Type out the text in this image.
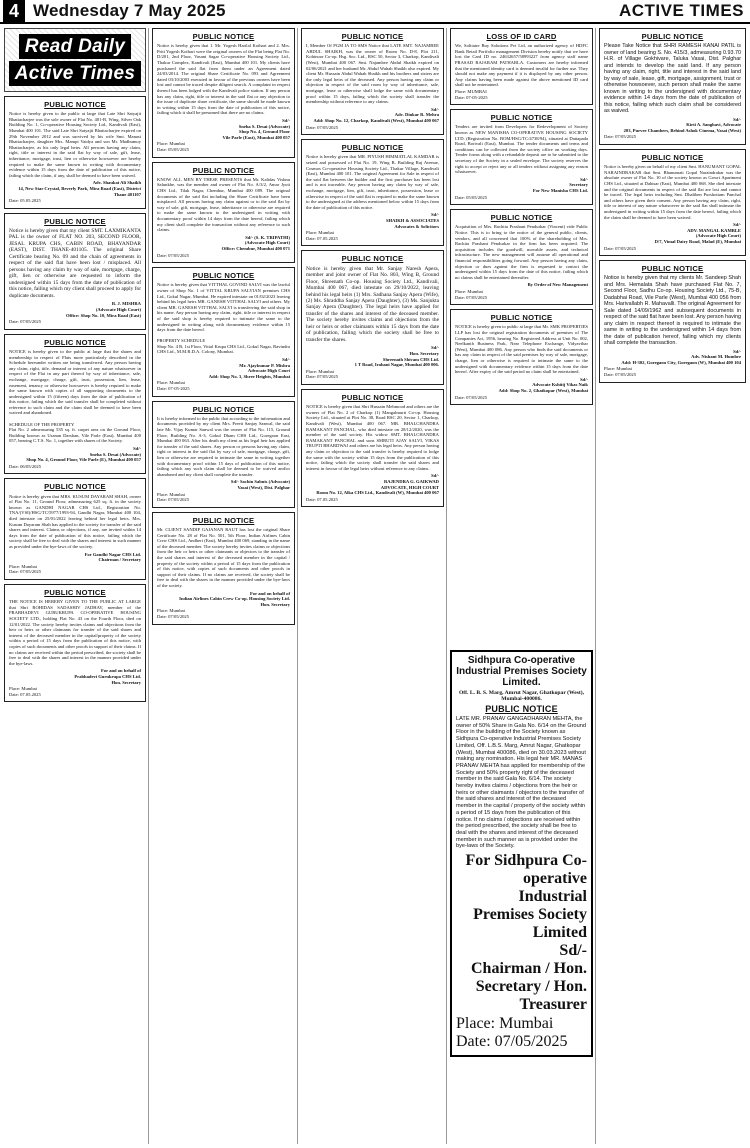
4 Wednesday 7 May 2025	ACTIVE TIMES
Read Daily
Active Times
PUBLIC NOTICE
Notice is hereby given to the public at large that Late Shri Satyajit Bhattacharjee was the sole owner of Flat No. 401-B, Wing, Silver Oak Building No. 1, Co-operative Housing Society Ltd., Kandivali (East), Mumbai 400 101. The said Late Shri Satyajit Bhattacharjee expired on 29th November 2012 and was survived by his wife Smt. Manasi Bhattacharjee, daughter Mrs. Mampi Vaidya and son Mr. Madhumoy Bhattacharjee, as his only legal heirs. All persons having any claim, right, title or interest in the said flat by way of sale, gift, lease, inheritance, mortgage, trust, lien or otherwise howsoever are hereby required to make the same known in writing with documentary evidence within 15 days from the date of publication of this notice, failing which the claim, if any, shall be deemed to have been waived.
Adv. Shaukat Ali Shaikh
14, New Star Crystal, Beverly Park, Mira Road (East), District Thane 401107
Date: 05.05.2025
PUBLIC NOTICE
Notice is hereby given that my client SMT. LAXMIKANTA PAL is the owner of FLAT NO. 203, SECOND FLOOR, JESAL KRUPA CHS, CABIN ROAD, BHAYANDAR (EAST), DIST. THANE-401105. The original Share Certificate bearing No. 09 and the chain of agreements in respect of the said flat have been lost / misplaced. All persons having any claim by way of sale, mortgage, charge, gift, lien or otherwise are requested to inform the undersigned within 15 days from the date of publication of this notice, failing which my client shall proceed to apply for duplicate documents.
R. J. MISHRA
(Advocate High Court)
Office: Shop No. 10, Mira Road (East)
Date: 07/05/2025
PUBLIC NOTICE
NOTICE is hereby given to the public at large that the shares and membership in respect of Flats more particularly described in the Schedule hereunder written are being transferred. Any person having any claim, right, title, demand or interest of any nature whatsoever in respect of the Flat in any part thereof by way of inheritance, sale, exchange, mortgage, charge, gift, trust, possession, lien, lease, easement, tenancy or otherwise howsoever is hereby required to make the same known with copies of all supporting documents to the undersigned within 15 (fifteen) days from the date of publication of this notice, failing which the said transfer shall be completed without reference to such claim and the claim shall be deemed to have been waived and abandoned.

SCHEDULE OF THE PROPERTY
Flat No. 2 admeasuring 535 sq. ft. carpet area on the Ground Floor, Building known as Usanan Darshan, Vile Parle (East), Mumbai 400 057, bearing C.T.S. No. 1, together with shares of the Society.
Sd/-
Sneha S. Desai (Advocate)
Shop No. 4, Ground Floor, Vile Parle (E), Mumbai 400 057
Date: 06/05/2025
PUBLIC NOTICE
Notice is hereby given that MRS. KUSUM DAYARAM SHAH, owner of Flat No. 11, Ground Floor, admeasuring 625 sq. ft. in the society known as GANDHI NAGAR CHS Ltd., Registration No. TNA/(VSI)/HSG/TC/5977/1993-94, Gandhi Nagar, Mumbai 400 104, died intestate on 25/01/2022 leaving behind her legal heirs. Mrs. Kusum Dayaram Shah has applied to the society for transfer of the said shares and interest. Claims or objections, if any, are invited within 14 days from the date of publication of this notice, failing which the society shall be free to deal with the shares and interest in such manner as provided under the bye-laws of the society.
For Gandhi Nagar CHS Ltd.
Chairman / Secretary
Place: Mumbai
Date: 07/05/2025
PUBLIC NOTICE
THE NOTICE IS HEREBY GIVEN TO THE PUBLIC AT LARGE that Shri ROHIDAS SADASHIV JADHAV, member of the PRABHADEVI GURUKRUPA CO-OPERATIVE HOUSING SOCIETY LTD., holding Flat No. 43 on the Fourth Floor, died on 12/01/2022. The society hereby invites claims and objections from the heir or heirs or other claimants for transfer of the said shares and interest of the deceased member in the capital/property of the society within a period of 15 days from the publication of this notice, with copies of such documents and other proofs in support of their claims. If no claims are received within the period prescribed, the society shall be free to deal with the shares and interest in the manner provided under the bye-laws.
For and on behalf of
Prabhadevi Gurukrupa CHS Ltd.
Hon. Secretary
Place: Mumbai
Date: 07.05.2025
PUBLIC NOTICE
Notice is hereby given that 1. Mr. Yogesh Harilal Kothari and 2. Mrs. Priti Yogesh Kothari were the original owners of the Flat being Flat No. D/201, 2nd Floor, Vasant Sagar Co-operative Housing Society Ltd., Thakur Complex, Kandivali (East), Mumbai 400 101. My clients have purchased the said flat from them under an Agreement dated 24/03/2014. The original Share Certificate No. 093 and Agreement dated 03/10/2003 executed in favour of the previous owners have been lost and cannot be traced despite diligent search. A complaint in respect thereof has been lodged with the Kandivali police station. If any person has any claim, right, title or interest in the said flat or any objection to the issue of duplicate share certificate, the same should be made known in writing within 15 days from the date of publication of this notice, failing which it shall be presumed that there are no claims.
Sd/-
Sneha S. Desai (Advocate)
Shop No. 4, Ground Floor
Vile Parle (East), Mumbai 400 057
Place: Mumbai
Date: 05/05/2025
PUBLIC NOTICE
KNOW ALL MEN BY THESE PRESENTS that Mr. Kalidas Vishnu Salunkhe, was the member and owner of Flat No. A/3/2, Amar Jyoti CHS Ltd., Tilak Nagar, Chembur, Mumbai 400 089. The original documents of the said flat including the Share Certificate have been misplaced. All persons having any claim against or to the said flat by way of sale, gift, mortgage, lease, inheritance or otherwise are required to make the same known to the undersigned in writing with documentary proof within 14 days from the date hereof, failing which my client shall complete the transaction without any reference to such claims.
Sd/- (S. K. TRIPATHI)
(Advocate High Court)
Office: Chembur, Mumbai 400 071
Date: 07/05/2025
PUBLIC NOTICE
Notice is hereby given that VITTHAL GOVIND SALVI was the lawful owner of Shop No. 1 of VITTAL KRUPA SALVIAN premises CHS Ltd., Gokul Nagar, Mumbai. He expired intestate on 01/02/2023 leaving behind his legal heirs MR. GANESH VITTHAL SALVI and others. My client MR. GANESH VITTHAL SALVI is transferring the said shop in his name. Any person having any claim, right, title or interest in respect of the said shop is hereby required to intimate the same to the undersigned in writing along with documentary evidence within 15 days from the date hereof.

PROPERTY SCHEDULE
Shop No. 4 B, 1st Floor, Vittal Krupa CHS Ltd., Gokul Nagar, Ravindra CHS Ltd., M.M.R.D.A. Colony, Mumbai.
Sd/-
Mr. Ajaykumar P. Mishra
Advocate High Court
Add: Shop No. 3, Shree Heights, Mumbai
Place: Mumbai
Date: 07-05-2025
PUBLIC NOTICE
It is hereby informed to the public that according to the information and documents provided by my client Mrs. Preeti Sanjay Sanwal, the said late Mr. Vijay Kumar Sanwal was the owner of Flat No. 115, Ground Floor, Building No. A-3, Gokul Dham CHS Ltd., Goregaon East, Mumbai 400 063. After his death my client as his legal heir has applied for transfer of the said shares. Any person or persons having any claim, right or interest in the said flat by way of sale, mortgage, charge, gift, lien or otherwise are required to intimate the same in writing together with documentary proof within 15 days of publication of this notice, failing which any such claim shall be deemed to be waived and/or abandoned and my client shall complete the transfer.
Sd/- Sachin Sabnis (Advocate)
Vasai (West), Dist. Palghar
Place: Mumbai
Date: 07/05/2025
PUBLIC NOTICE
Mr. CLIENT SANDIP GAJANAN RAUT has lost the original Share Certificate No. 28 of Flat No. 501, 5th Floor, Indian Airlines Cabin Crew CHS Ltd., Andheri (East), Mumbai 400 069, standing in the name of the deceased member. The society hereby invites claims or objections from the heir or heirs or other claimants or objectors to the transfer of the said shares and interest of the deceased member in the capital / property of the society within a period of 15 days from the publication of this notice, with copies of such documents and other proofs in support of their claims. If no claims are received, the society shall be free to deal with the shares in the manner provided under the bye-laws of the society.
For and on behalf of
Indian Airlines Cabin Crew Co-op. Housing Society Ltd.
Hon. Secretary
Place: Mumbai
Date: 07/05/2025
PUBLIC NOTICE
I, Member Of PGM IA TO SMS Notice that LATE SMT. NAJAMBEE ABDUL SHAIKH, was the owner of Room No. D-8, Plot 211, Kohinoor Co-op. Hsg. Soc. Ltd., RSC 50, Sector 3, Charkop, Kandivali (West), Mumbai 400 067. Smt. Najambee Abdul Shaikh expired on 02/06/2021 and her husband Mr. Abdul Wahab Shaikh also expired. My client Mr. Hussain Abdul Wahab Shaikh and his brothers and sisters are the only legal heirs of the deceased. Any person having any claim or objection in respect of the said room by way of inheritance, sale, mortgage, lease or otherwise shall lodge the same with documentary proof within 15 days, failing which the society shall transfer the membership without reference to any claims.
Sd/-
Adv. Dinkar R. Mehra
Add: Shop No. 12, Charkop, Kandivali (West), Mumbai 400 067
Date: 07/05/2025
PUBLIC NOTICE
Notice is hereby given that MR. PIYUSH HIMMATLAL KAMDAR is seized and possessed of Flat No. 19, Wing B, Building Raj Avenue, Cosmos Co-operative Housing Society Ltd., Thakur Village, Kandivali (East), Mumbai 400 101. The original Agreement for Sale in respect of the said flat between the builder and the first purchaser has been lost and is not traceable. Any person having any claim by way of sale, exchange, mortgage, lien, gift, trust, inheritance, possession, lease or otherwise in respect of the said flat is required to make the same known to the undersigned at the address mentioned below within 15 days from the date of publication of this notice.
Sd/-
SHAIKH & ASSOCIATES
Advocates & Solicitors
Place: Mumbai
Date: 07.05.2025
PUBLIC NOTICE
Notice is hereby given that Mr. Sanjay Naresh Apera, member and joint owner of Flat No. 803, Wing B, Ground Floor, Shreenath Co-op. Housing Society Ltd., Kandivali, Mumbai 400 067, died intestate on 29/10/2022, leaving behind his legal heirs (1) Mrs. Sadhana Sanjay Apera (Wife), (2) Ms. Shraddha Sanjay Apera (Daughter), (3) Ms. Sanjukta Sanjay Apera (Daughter). The legal heirs have applied for transfer of the shares and interest of the deceased member. The society hereby invites claims and objections from the heir or heirs or other claimants within 15 days from the date of publication, failing which the society shall be free to transfer the shares.
Sd/-
Hon. Secretary
Shreenath Shivam CHS Ltd.
1 T Road, Irahani Nagar, Mumbai 400 006.
Place: Mumbai
Date: 07/05/2025
PUBLIC NOTICE
NOTICE is hereby given that Shri Hussain Mehmood and others are the owners of Flat No. 2 of Charkop (1) Mangalmurti Co-op. Housing Society Ltd., situated at Plot No. 38, Road RSC 20, Sector 1, Charkop, Kandivali (West), Mumbai 400 067. MR. BHALCHANDRA RAMAKANT PANCHAL, who died intestate on 28/12/2020, was the member of the said society. His widow SMT. BHALCHANDRA RAMAKANT PANCHAL and sons SMRUTI AJAY SALVI, VIKAS TRUPTI BHARDWAJ and others are his legal heirs. Any person having any claim or objection to the said transfer is hereby required to lodge the same with the society within 15 days from the publication of this notice, failing which the society shall transfer the said shares and interest in favour of the legal heirs without reference to any claims.
Sd/-
RAJENDRA G. GAIKWAD
ADVOCATE, HIGH COURT
Room No. 12, Alka CHS Ltd., Kandivali (W), Mumbai 400 067
Date: 07.05.2025
LOSS OF ID CARD
We, Solitaire Buy Solutions Pvt Ltd, an authorized agency of HDFC Bank Retail Portfolio management Division hereby notify that we have lost the Card ID no. 24632657/58993227 from agency staff name PRASAD RAJARAM PATHARLA. Customers are hereby informed that the mentioned identity card is deemed invalid for further use. They should not make any payment if it is displayed by any other person. Any claims having been made against the above mentioned ID card shall not be entertained.
Place: MUMBAI
Date: 07-05-2025
PUBLIC NOTICE
Tenders are invited from Developers for Redevelopment of Society known as NEW MANISHA CO-OPERATIVE HOUSING SOCIETY LTD. (Registration No. BOM/HSG/TC/4738/94), situated at Dattapada Road, Borivali (East), Mumbai. The tender documents and terms and conditions can be collected from the society office on working days. Tender forms along with a refundable deposit are to be submitted to the secretary of the Society in a sealed envelope. The society reserves the right to accept or reject any or all tenders without assigning any reason whatsoever.
Sd/-
Secretary
For New Manisha CHS Ltd.
Date: 05/05/2025
PUBLIC NOTICE
Acquisition of Mrs. Rachita Prashant Pendurkar (Vincent) vide Public Notice. This is to bring to the notice of the general public, clients, vendors, and all concerned that 100% of the shareholding of Mrs. Rachita Prashant Pendurkar in the firm has been acquired. The acquisition includes the goodwill, movable assets, and technical infrastructure. The new management will assume all operational and financial responsibilities going forward. Any person having any claim, objection or dues against the firm is requested to contact the undersigned within 15 days from the date of this notice, failing which no claims shall be entertained thereafter.
By Order of New Management
Place: Mumbai
Date: 07/05/2025
PUBLIC NOTICE
NOTICE is hereby given to public at large that Mr. SMK PROPERTIES LLP has lost the original registration documents of premises of The Companies Act, 1956, bearing No. Registered Address at Unit No. 002, Neelkanth Business Park, Near Telephone Exchange, Vidyavihar (West), Mumbai 400 086. Any person who finds the said documents or has any claim in respect of the said premises by way of sale, mortgage, charge, lien or otherwise is required to intimate the same to the undersigned with documentary evidence within 15 days from the date hereof. After expiry of the said period no claim shall be entertained.
Sd/-
Advocate Kshitij Vikas Naik
Add: Shop No. 2, Ghatkopar (West), Mumbai
Date: 07/05/2025
PUBLIC NOTICE
Please Take Notice that SHRI RAMESH KANAI PATIL is owner of land bearing S. No. 415/3, admeasuring 0.93.70 H.R. of Village Gokhivare, Taluka Vasai, Dist. Palghar and intends to develop the said land. If any person having any claim, right, title and interest in the said land by way of sale, lease, gift, mortgage, assignment, trust or otherwise howsoever, such person shall make the same known in writing to the undersigned with documentary evidence within 14 days from the date of publication of this notice, failing which such claim shall be considered as waived.
Sd/-
Kirti A. Sanghavi, Advocate
203, Purvee Chambers, Behind Ashok Cinema, Vasai (West)
Date: 07/05/2025
PUBLIC NOTICE
Notice is hereby given on behalf of my client Smt. HANUMANT GOPAL NARAINDRAKAR that Smt. Bhanumati Gopal Naraindrakar was the absolute owner of Flat No. 10 of the society known as Gowri Apartment CHS Ltd., situated at Dahisar (East), Mumbai 400 068. She died intestate and the original documents in respect of the said flat are lost and cannot be traced. The legal heirs including Smt. Dhaliben Purshottam Panchal and others have given their consent. Any person having any claim, right, title or interest of any nature whatsoever in the said flat shall intimate the undersigned in writing within 15 days from the date hereof, failing which the claim shall be deemed to have been waived.
Sd/-
ADV. MANGAL KAMBLE
(Advocate High Court)
D/7, Vimal Dairy Road, Malad (E), Mumbai
Date: 07/05/2025
PUBLIC NOTICE
Notice is hereby given that my clients Mr. Sandeep Shah and Mrs. Hemalata Shah have purchased Flat No. 7, Second Floor, Sadhu Co-op. Housing Society Ltd., 75-B, Dadabhai Road, Vile Parle (West), Mumbai 400 056 from Mrs. Harivallabh R. Mahavalli. The original Agreement for Sale dated 14/09/1962 and subsequent documents in respect of the said flat have been lost. Any person having any claim in respect thereof is required to intimate the same in writing to the undersigned within 14 days from the date of publication hereof, failing which my clients shall complete the transaction.
Sd/-
Adv. Nishant M. Humbre
Add: H-302, Goregaon City, Goregaon (W), Mumbai 400 104
Place: Mumbai
Date: 07/05/2025
Sidhpura Co-operative Industrial Premises Society Limited.
Off. L. B. S. Marg, Amrut Nagar, Ghatkopar (West), Mumbai-400086.
PUBLIC NOTICE
LATE MR. PRANAV GANGADHARAN MEHTA, the owner of 50% Share in Gala No. 6/14 on the Ground Floor in the building of the Society known as Sidhpura Co-operative Industrial Premises Society Limited, Off. L.B.S. Marg, Amrut Nagar, Ghatkopar (West), Mumbai 400086, died on 30.03.2023 without making any nomination. His legal heir MR. MANAS PRANAV MEHTA has applied for membership of the Society and 50% property right of the deceased member in the said Gala No. 6/14. The society hereby invites claims / objections from the heir or heirs or other claimants / objectors to the transfer of the said shares and interest of the deceased member in the capital / property of the society within a period of 15 days from the publication of this notice. If no claims / objections are received within the period prescribed, the society shall be free to deal with the shares and interest of the deceased member in such manner as is provided under the bye-laws of the Society.
For Sidhpura Co-operative Industrial Premises Society Limited
Sd/-
Chairman / Hon. Secretary / Hon. Treasurer
Place: Mumbai
Date: 07/05/2025
